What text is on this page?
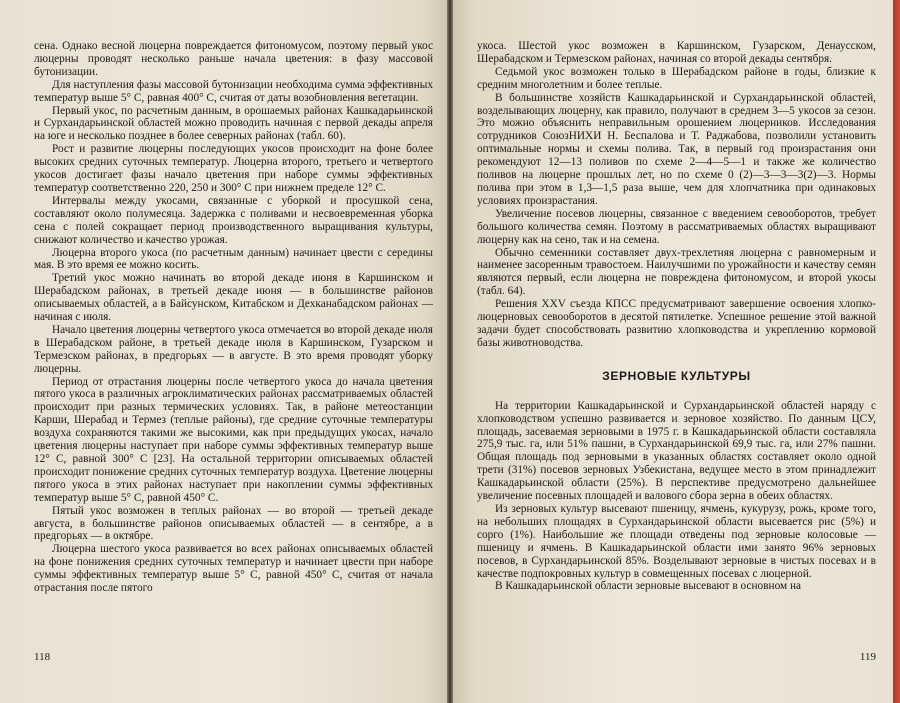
сена. Однако весной люцерна повреждается фитономусом, поэтому первый укос люцерны проводят несколько раньше начала цветения: в фазу массовой бутонизации.

Для наступления фазы массовой бутонизации необходима сумма эффективных температур выше 5° С, равная 400° С, считая от даты возобновления вегетации.

Первый укос, по расчетным данным, в орошаемых районах Кашкадарьинской и Сурхандарьинской областей можно проводить начиная с первой декады апреля на юге и несколько позднее в более северных районах (табл. 60).

Рост и развитие люцерны последующих укосов происходит на фоне более высоких средних суточных температур. Люцерна второго, третьего и четвертого укосов достигает фазы начало цветения при наборе суммы эффективных температур соответственно 220, 250 и 300° С при нижнем пределе 12° С.

Интервалы между укосами, связанные с уборкой и просушкой сена, составляют около полумесяца. Задержка с поливами и несвоевременная уборка сена с полей сокращает период производственного выращивания культуры, снижают количество и качество урожая.

Люцерна второго укоса (по расчетным данным) начинает цвести с середины мая. В это время ее можно косить.

Третий укос можно начинать во второй декаде июня в Каршинском и Шерабадском районах, в третьей декаде июня — в большинстве районов описываемых областей, а в Байсунском, Китабском и Дехканабадском районах — начиная с июля.

Начало цветения люцерны четвертого укоса отмечается во второй декаде июля в Шерабадском районе, в третьей декаде июля в Каршинском, Гузарском и Термезском районах, в предгорьях — в августе. В это время проводят уборку люцерны.

Период от отрастания люцерны после четвертого укоса до начала цветения пятого укоса в различных агроклиматических районах рассматриваемых областей происходит при разных термических условиях. Так, в районе метеостанции Карши, Шерабад и Термез (теплые районы), где средние суточные температуры воздуха сохраняются такими же высокими, как при предыдущих укосах, начало цветения люцерны наступает при наборе суммы эффективных температур выше 12° С, равной 300° С [23]. На остальной территории описываемых областей происходит понижение средних суточных температур воздуха. Цветение люцерны пятого укоса в этих районах наступает при накоплении суммы эффективных температур выше 5° С, равной 450° С.

Пятый укос возможен в теплых районах — во второй — третьей декаде августа, в большинстве районов описываемых областей — в сентябре, а в предгорьях — в октябре.

Люцерна шестого укоса развивается во всех районах описываемых областей на фоне понижения средних суточных температур и начинает цвести при наборе суммы эффективных температур выше 5° С, равной 450° С, считая от начала отрастания после пятого

118

укоса. Шестой укос возможен в Каршинском, Гузарском, Денаусском, Шерабадском и Термезском районах, начиная со второй декады сентября.

Седьмой укос возможен только в Шерабадском районе в годы, близкие к средним многолетним и более теплые.

В большинстве хозяйств Кашкадарьинской и Сурхандарьинской областей, возделывающих люцерну, как правило, получают в среднем 3—5 укосов за сезон. Это можно объяснить неправильным орошением люцерников. Исследования сотрудников СоюзНИХИ Н. Беспалова и Т. Раджабова, позволили установить оптимальные нормы и схемы полива. Так, в первый год произрастания они рекомендуют 12—13 поливов по схеме 2—4—5—1 и также же количество поливов на люцерне прошлых лет, но по схеме 0 (2)—3—3—3(2)—3. Нормы полива при этом в 1,3—1,5 раза выше, чем для хлопчатника при одинаковых условиях произрастания.

Увеличение посевов люцерны, связанное с введением севооборотов, требует большого количества семян. Поэтому в рассматриваемых областях выращивают люцерну как на сено, так и на семена.

Обычно семенники составляет двух-трехлетняя люцерна с равномерным и наименее засоренным травостоем. Наилучшими по урожайности и качеству семян являются первый, если люцерна не повреждена фитономусом, и второй укосы (табл. 64).

Решения XXV съезда КПСС предусматривают завершение освоения хлопко-люцерновых севооборотов в десятой пятилетке. Успешное решение этой важной задачи будет способствовать развитию хлопководства и укреплению кормовой базы животноводства.

ЗЕРНОВЫЕ КУЛЬТУРЫ

На территории Кашкадарьинской и Сурхандарьинской областей наряду с хлопководством успешно развивается и зерновое хозяйство. По данным ЦСУ, площадь, засеваемая зерновыми в 1975 г. в Кашкадарьинской области составляла 275,9 тыс. га, или 51% пашни, в Сурхандарьинской 69,9 тыс. га, или 27% пашни. Общая площадь под зерновыми в указанных областях составляет около одной трети (31%) посевов зерновых Узбекистана, ведущее место в этом принадлежит Кашкадарьинской области (25%). В перспективе предусмотрено дальнейшее увеличение посевных площадей и валового сбора зерна в обеих областях.

Из зерновых культур высевают пшеницу, ячмень, кукурузу, рожь, кроме того, на небольших площадях в Сурхандарьинской области высевается рис (5%) и сорго (1%). Наибольшие же площади отведены под зерновые колосовые — пшеницу и ячмень. В Кашкадарьинской области ими занято 96% зерновых посевов, в Сурхандарьинской 85%. Возделывают зерновые в чистых посевах и в качестве подпокровных культур в совмещенных посевах с люцерной.

В Кашкадарьинской области зерновые высевают в основном на

119
